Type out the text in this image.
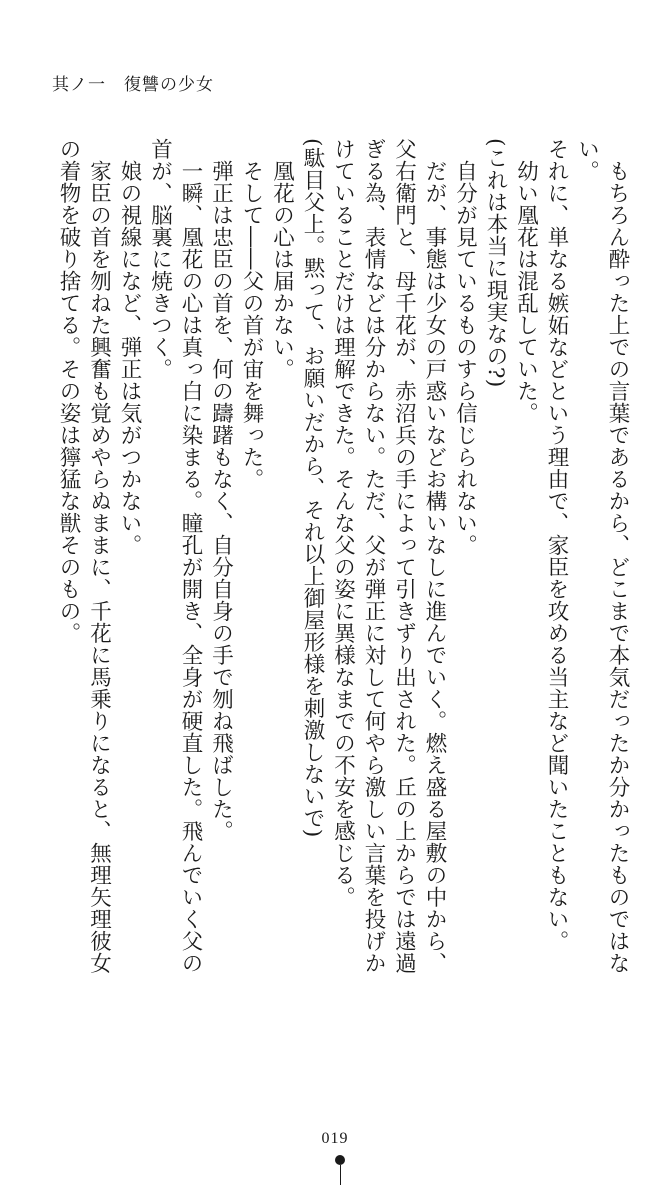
其ノ一　復讐の少女

もちろん酔った上での言葉であるから、どこまで本気だったか分かったものではない。

それに、単なる嫉妬などという理由で、家臣を攻める当主など聞いたこともない。

幼い凰花は混乱していた。

(これは本当に現実なの?)

自分が見ているものすら信じられない。

だが、事態は少女の戸惑いなどお構いなしに進んでいく。燃え盛る屋敷の中から、父右衛門と、母千花が、赤沼兵の手によって引きずり出された。丘の上からでは遠過ぎる為、表情などは分からない。ただ、父が弾正に対して何やら激しい言葉を投げかけていることだけは理解できた。そんな父の姿に異様なまでの不安を感じる。

(駄目父上。黙って、お願いだから、それ以上御屋形様を刺激しないで)

凰花の心は届かない。

そして――父の首が宙を舞った。

弾正は忠臣の首を、何の躊躇もなく、自分自身の手で刎ね飛ばした。

一瞬、凰花の心は真っ白に染まる。瞳孔が開き、全身が硬直した。飛んでいく父の首が、脳裏に焼きつく。

娘の視線になど、弾正は気がつかない。

家臣の首を刎ねた興奮も覚めやらぬままに、千花に馬乗りになると、無理矢理彼女の着物を破り捨てる。その姿は獰猛な獣そのもの。

019
